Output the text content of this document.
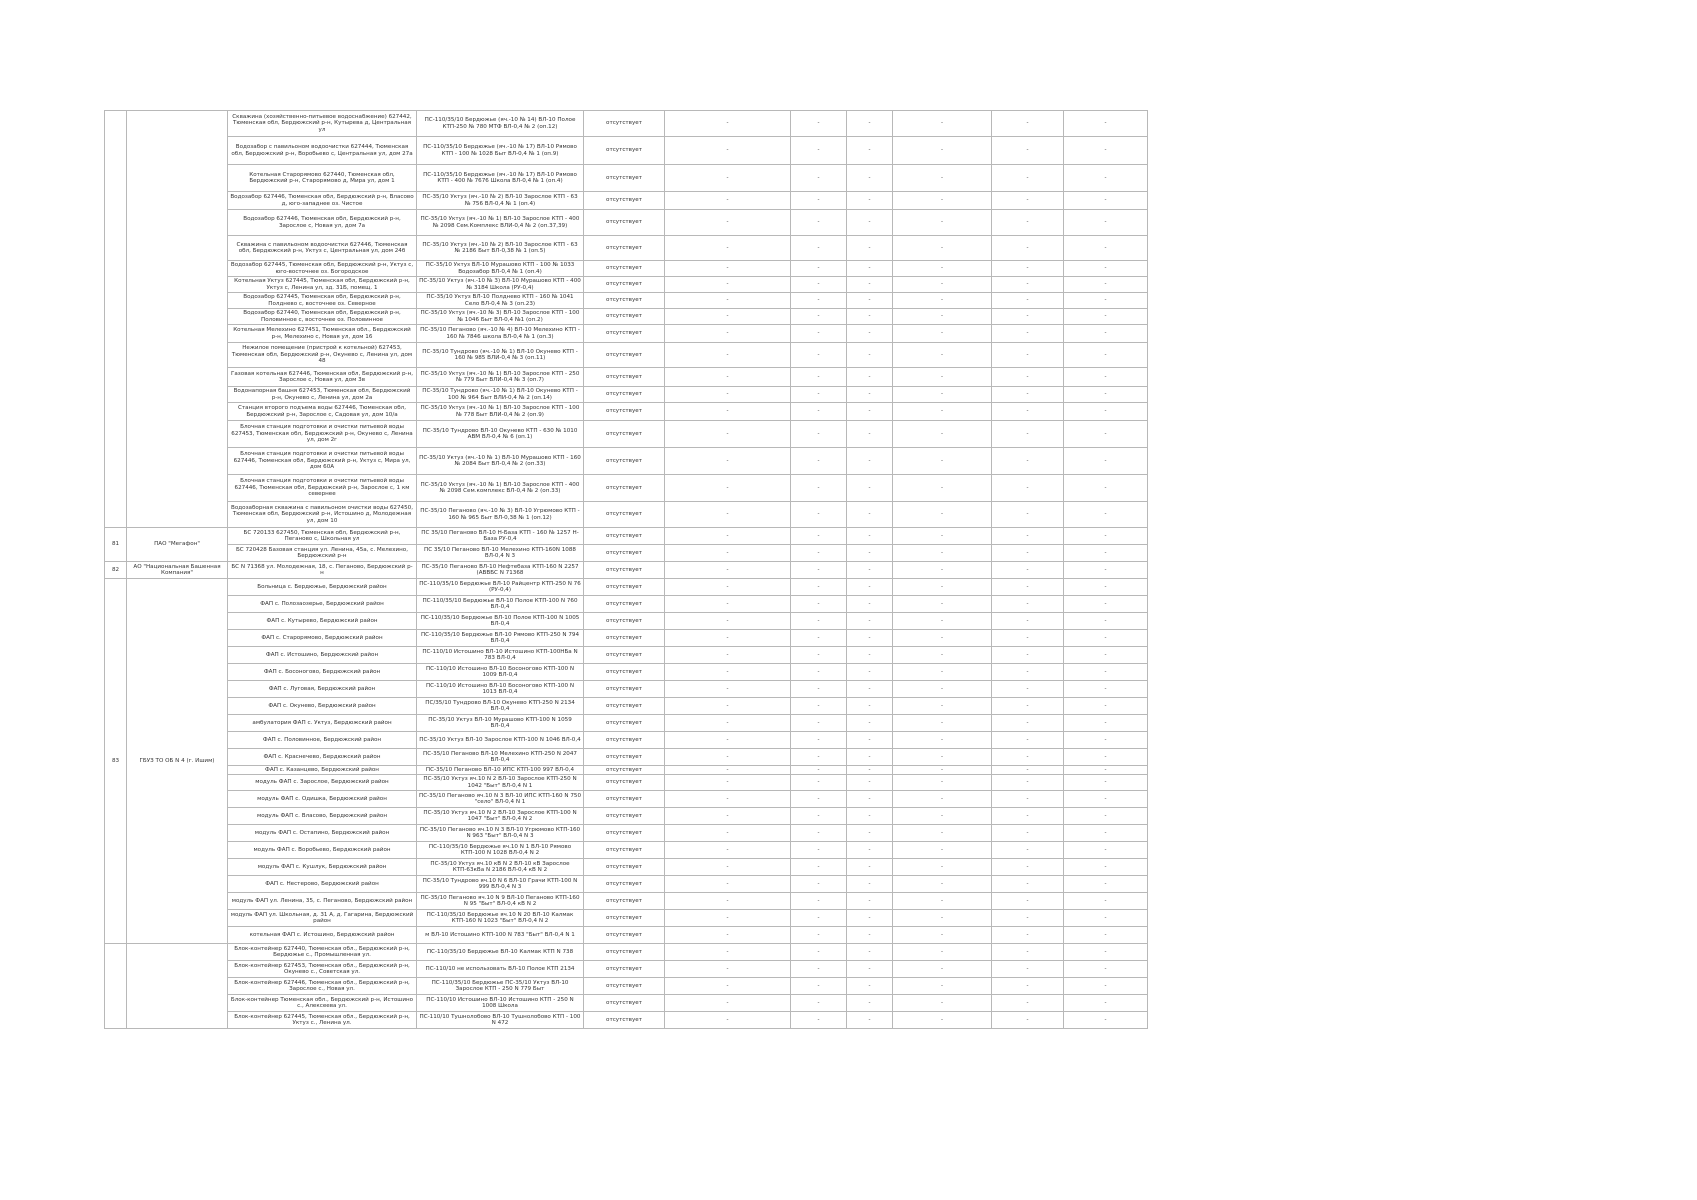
		Скважина (хозяйственно-питьевое водоснабжение) 627442, Тюменская обл, Бердюжский р-н, Кутырева д, Центральная ул	ПС-110/35/10 Бердюжье (яч.-10 № 14) ВЛ-10 Полое КТП-250 № 780 МТФ ВЛ-0,4 № 2 (оп.12)	отсутствует	-	-	-	-	-	-
		Водозабор с павильоном водоочистки 627444, Тюменская обл, Бердюжский р-н, Воробьево с, Центральная ул, дом 27а	ПС-110/35/10 Бердюжье (яч.-10 № 17) ВЛ-10 Рямово КТП - 100 № 1028 Быт ВЛ-0,4 № 1 (оп.9)	отсутствует	-	-	-	-	-	-
		Котельная Старорямово 627440, Тюменская обл, Бердюжский р-н, Старорямово д, Мира ул, дом 1	ПС-110/35/10 Бердюжье (яч.-10 № 17) ВЛ-10 Рямово КТП - 400 № 7676 Школа ВЛ-0,4 № 1 (оп.4)	отсутствует	-	-	-	-	-	-
		Водозабор 627446, Тюменская обл, Бердюжский р-н, Власово д, юго-западнее оз. Чистое	ПС-35/10 Уктуз (яч.-10 № 2) ВЛ-10 Зарослое КТП - 63 № 756 ВЛ-0,4 № 1 (оп.4)	отсутствует	-	-	-	-	-	-
		Водозабор 627446, Тюменская обл, Бердюжский р-н, Зарослое с, Новая ул, дом 7а	ПС-35/10 Уктуз (яч.-10 № 1) ВЛ-10 Зарослое КТП - 400 № 2098 Сем.Комплекс ВЛИ-0,4 № 2 (оп.37,39)	отсутствует	-	-	-	-	-	-
		Скважина с павильоном водоочистки 627446, Тюменская обл, Бердюжский р-н, Уктуз с, Центральная ул, дом 24б	ПС-35/10 Уктуз (яч.-10 № 2) ВЛ-10 Зарослое КТП - 63 № 2186 Быт ВЛ-0,38 № 1 (оп.5)	отсутствует	-	-	-	-	-	-
		Водозабор 627445, Тюменская обл, Бердюжский р-н, Уктуз с, юго-восточнее оз. Богородское	ПС-35/10 Уктуз ВЛ-10 Мурашово КТП - 100 № 1033 Водозабор ВЛ-0,4 № 1 (оп.4)	отсутствует	-	-	-	-	-	-
		Котельная Уктуз 627445, Тюменская обл, Бердюжский р-н, Уктуз с, Ленина ул, зд. 31Б, помещ. 1	ПС-35/10 Уктуз (яч.-10 № 3) ВЛ-10 Мурашово КТП - 400 № 3184 Школа (РУ-0,4)	отсутствует	-	-	-	-	-	-
		Водозабор 627445, Тюменская обл, Бердюжский р-н, Полднево с, восточнее оз. Северное	ПС-35/10 Уктуз ВЛ-10 Полднево КТП - 160 № 1041 Село ВЛ-0,4 № 3 (оп.23)	отсутствует	-	-	-	-	-	-
		Водозабор 627440, Тюменская обл, Бердюжский р-н, Половинное с, восточнее оз. Половинное	ПС-35/10 Уктуз (яч.-10 № 3) ВЛ-10 Зарослое КТП - 100 № 1046 Быт ВЛ-0,4 №1 (оп.2)	отсутствует	-	-	-	-	-	-
		Котельная Мелехино 627451, Тюменская обл., Бердюжский р-н, Мелехино с, Новая ул, дом 16	ПС-35/10 Пеганово (яч.-10 № 4) ВЛ-10 Мелехино КТП - 160 № 7846 школа ВЛ-0,4 № 1 (оп.3)	отсутствует	-	-	-	-	-	-
		Нежилое помещение (пристрой к котельной) 627453, Тюменская обл, Бердюжский р-н, Окунево с, Ленина ул, дом 48	ПС-35/10 Тундрово (яч.-10 № 1) ВЛ-10 Окунево КТП - 160 № 985 ВЛИ-0,4 № 3 (оп.11)	отсутствует	-	-	-	-	-	-
		Газовая котельная 627446, Тюменская обл, Бердюжский р-н, Зарослое с, Новая ул, дом 3в	ПС-35/10 Уктуз (яч.-10 № 1) ВЛ-10 Зарослое КТП - 250 № 779 Быт ВЛИ-0,4 № 3 (оп.7)	отсутствует	-	-	-	-	-	-
		Водонапорная башня 627453, Тюменская обл, Бердюжский р-н, Окунево с, Ленина ул, дом 2а	ПС-35/10 Тундрово (яч.-10 № 1) ВЛ-10 Окунево КТП - 100 № 964 Быт ВЛИ-0,4 № 2 (оп.14)	отсутствует	-	-	-	-	-	-
		Станция второго подъема воды 627446, Тюменская обл, Бердюжский р-н, Зарослое с, Садовая ул, дом 10/а	ПС-35/10 Уктуз (яч.-10 № 1) ВЛ-10 Зарослое КТП - 100 № 778 Быт ВЛИ-0,4 № 2 (оп.9)	отсутствует	-	-	-	-	-	-
		Блочная станция подготовки и очистки питьевой воды 627453, Тюменская обл, Бердюжский р-н, Окунево с, Ленина ул, дом 2г	ПС-35/10 Тундрово ВЛ-10 Окунево КТП - 630 № 1010 АВМ ВЛ-0,4 № 6 (оп.1)	отсутствует	-	-	-	-	-	-
		Блочная станция подготовки и очистки питьевой воды 627446, Тюменская обл, Бердюжский р-н, Уктуз с, Мира ул, дом 60А	ПС-35/10 Уктуз (яч.-10 № 1) ВЛ-10 Мурашово КТП - 160 № 2084 Быт ВЛ-0,4 № 2 (оп.33)	отсутствует	-	-	-	-	-	-
		Блочная станция подготовки и очистки питьевой воды 627446, Тюменская обл, Бердюжский р-н, Зарослое с, 1 км севернее	ПС-35/10 Уктуз (яч.-10 № 1) ВЛ-10 Зарослое КТП - 400 № 2098 Сем.комплекс ВЛ-0,4 № 2 (оп.33)	отсутствует	-	-	-	-	-	-
		Водозаборная скважина с павильоном очистки воды 627450, Тюменская обл, Бердюжский р-н, Истошино д, Молодежная ул, дом 10	ПС-35/10 Пеганово (яч.-10 № 3) ВЛ-10 Угрюмово КТП - 160 № 965 Быт ВЛ-0,38 № 1 (оп.12)	отсутствует	-	-	-	-	-	-
81	ПАО "Мегафон"	БС 720133 627450, Тюменская обл, Бердюжский р-н, Пеганово с, Школьная ул	ПС 35/10 Пеганово ВЛ-10 Н-База КТП - 160 № 1257 Н-База РУ-0,4	отсутствует	-	-	-	-	-	-
		БС 720428 Базовая станция ул. Ленина, 45а, с. Мелехино, Бердюжский р-н	ПС 35/10 Пеганово ВЛ-10 Мелехино КТП-160N 1088 ВЛ-0,4 N 3	отсутствует	-	-	-	-	-	-
82	АО "Национальная Башенная Компания"	БС N 71368 ул. Молодежная, 18, с. Пеганово, Бердюжский р-н	ПС-35/10 Пеганово ВЛ-10 Нефтебаза КТП-160 N 2257 (АВВБС N 71368	отсутствует	-	-	-	-	-	-
83	ГБУЗ ТО ОБ N 4 (г. Ишим)	Больница с. Бердюжье, Бердюжский район	ПС-110/35/10 Бердюжье ВЛ-10 Райцентр КТП-250 N 76 (РУ-0,4)	отсутствует	-	-	-	-	-	-
		ФАП с. Полозаозерье, Бердюжский район	ПС-110/35/10 Бердюжье ВЛ-10 Полое КТП-100 N 760 ВЛ-0,4	отсутствует	-	-	-	-	-	-
		ФАП с. Кутырево, Бердюжский район	ПС-110/35/10 Бердюжье ВЛ-10 Полое КТП-100 N 1005 ВЛ-0,4	отсутствует	-	-	-	-	-	-
		ФАП с. Старорямово, Бердюжский район	ПС-110/35/10 Бердюжье ВЛ-10 Рямово КТП-250 N 794 ВЛ-0,4	отсутствует	-	-	-	-	-	-
		ФАП с. Истошино, Бердюжский район	ПС-110/10 Истошино ВЛ-10 Истошино КТП-100НБа N 783 ВЛ-0,4	отсутствует	-	-	-	-	-	-
		ФАП с. Босоногово, Бердюжский район	ПС-110/10 Истошино ВЛ-10 Босоногово КТП-100 N 1009 ВЛ-0,4	отсутствует	-	-	-	-	-	-
		ФАП с. Луговая, Бердюжский район	ПС-110/10 Истошино ВЛ-10 Босоногово КТП-100 N 1013 ВЛ-0,4	отсутствует	-	-	-	-	-	-
		ФАП с. Окунево, Бердюжский район	ПС/35/10 Тундрово ВЛ-10 Окунево КТП-250 N 2134 ВЛ-0,4	отсутствует	-	-	-	-	-	-
		амбулатория ФАП с. Уктуз, Бердюжский район	ПС-35/10 Уктуз ВЛ-10 Мурашово КТП-100 N 1059 ВЛ-0,4	отсутствует	-	-	-	-	-	-
		ФАП с. Половинное, Бердюжский район	ПС-35/10 Уктуз ВЛ-10 Зарослое КТП-100 N 1046 ВЛ-0,4	отсутствует	-	-	-	-	-	-
		ФАП с. Краснечево, Бердюжский район	ПС-35/10 Пеганово ВЛ-10 Мелехино КТП-250 N 2047 ВЛ-0,4	отсутствует	-	-	-	-	-	-
		ФАП с. Казанцево, Бердюжский район	ПС-35/10 Пеганово ВЛ-10 ИПС КТП-100 997 ВЛ-0,4	отсутствует	-	-	-	-	-	-
		модуль ФАП с. Зарослое, Бердюжский район	ПС-35/10 Уктуз яч.10 N 2 ВЛ-10 Зарослое КТП-250 N 1042 "Быт" ВЛ-0,4 N 1	отсутствует	-	-	-	-	-	-
		модуль ФАП с. Одишка, Бердюжский район	ПС-35/10 Пеганово яч.10 N 3 ВЛ-10 ИПС КТП-160 N 750 "село" ВЛ-0,4 N 1	отсутствует	-	-	-	-	-	-
		модуль ФАП с. Власово, Бердюжский район	ПС-35/10 Уктуз яч.10 N 2 ВЛ-10 Зарослое КТП-100 N 1047 "Быт" ВЛ-0,4 N 2	отсутствует	-	-	-	-	-	-
		модуль ФАП с. Остапино, Бердюжский район	ПС-35/10 Пеганово яч.10 N 3 ВЛ-10 Угрюмово КТП-160 N 963 "Быт" ВЛ-0,4 N 3	отсутствует	-	-	-	-	-	-
		модуль ФАП с. Воробьево, Бердюжский район	ПС-110/35/10 Бердюжье яч.10 N 1 ВЛ-10 Рямово КТП-100 N 1028 ВЛ-0,4 N 2	отсутствует	-	-	-	-	-	-
		модуль ФАП с. Кушлук, Бердюжский район	ПС-35/10 Уктуз яч.10 кВ N 2 ВЛ-10 кВ Зарослое КТП-63кВа N 2186 ВЛ-0,4 кВ N 2	отсутствует	-	-	-	-	-	-
		ФАП с. Нестерово, Бердюжский район	ПС-35/10 Тундрово яч.10 N 6 ВЛ-10 Грачи КТП-100 N 999 ВЛ-0,4 N 3	отсутствует	-	-	-	-	-	-
		модуль ФАП ул. Ленина, 35, с. Пеганово, Бердюжский район	ПС-35/10 Пеганово яч.10 N 9 ВЛ-10 Пеганово КТП-160 N 95 "Быт" ВЛ-0,4 кВ N 2	отсутствует	-	-	-	-	-	-
		модуль ФАП ул. Школьная, д. 31 А, д. Гагарина, Бердюжский район	ПС-110/35/10 Бердюжье яч.10 N 20 ВЛ-10 Калмак КТП-160 N 1023 "Быт" ВЛ-0,4 N 2	отсутствует	-	-	-	-	-	-
		котельная ФАП с. Истошино, Бердюжский район	м ВЛ-10 Истошино КТП-100 N 783 "Быт" ВЛ-0,4 N 1	отсутствует	-	-	-	-	-	-
		Блок-контейнер 627440, Тюменская обл., Бердюжский р-н, Бердюжье с., Промышленная ул.	ПС-110/35/10 Бердюжье ВЛ-10 Калмак КТП N 738	отсутствует	-	-	-	-	-	-
		Блок-контейнер 627453, Тюменская обл., Бердюжский р-н, Окунево с., Советская ул.	ПС-110/10 не использовать ВЛ-10 Полое КТП 2134	отсутствует	-	-	-	-	-	-
		Блок-контейнер 627446, Тюменская обл., Бердюжский р-н, Зарослое с., Новая ул.	ПС-110/35/10 Бердюжье ПС-35/10 Уктуз ВЛ-10 Зарослое КТП - 250 N 779 Быт	отсутствует	-	-	-	-	-	-
		Блок-контейнер Тюменская обл., Бердюжский р-н, Истошино с., Алексеева ул.	ПС-110/10 Истошино ВЛ-10 Истошино КТП - 250 N 1008 Школа	отсутствует	-	-	-	-	-	-
		Блок-контейнер 627445, Тюменская обл., Бердюжский р-н, Уктуз с., Ленина ул.	ПС-110/10 Тушнолобово ВЛ-10 Тушнолобово КТП - 100 N 472	отсутствует	-	-	-	-	-	-
